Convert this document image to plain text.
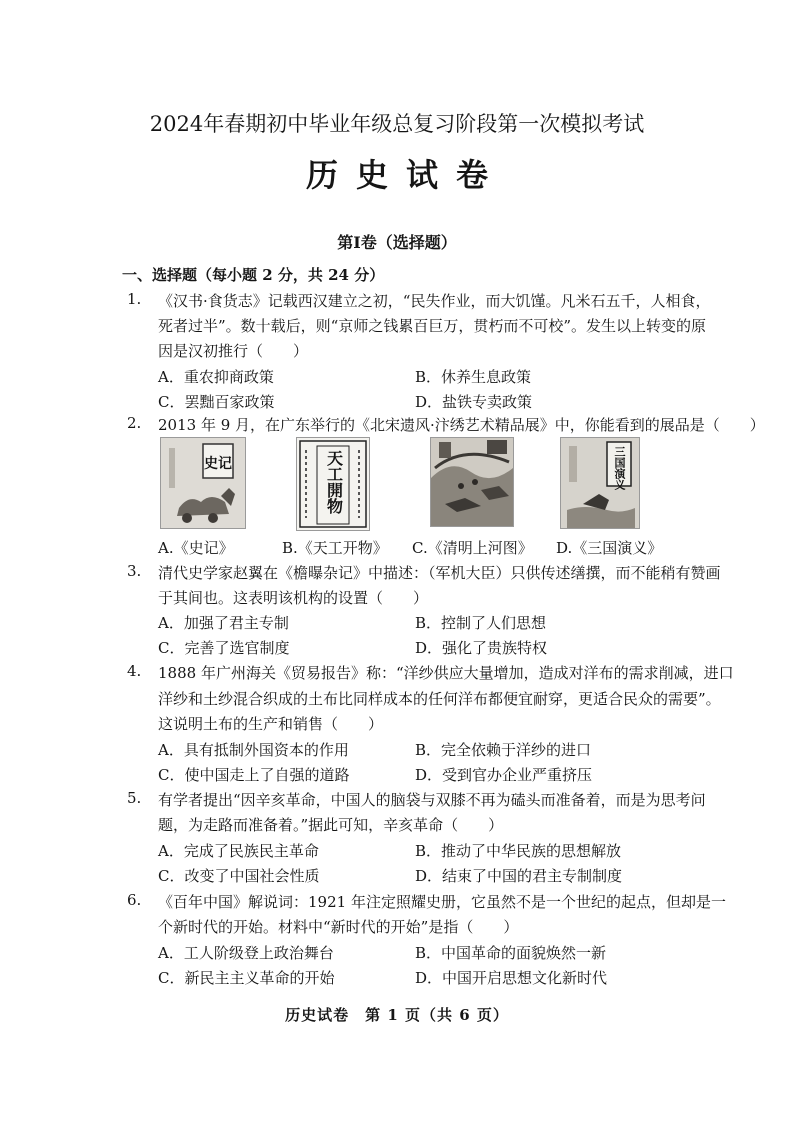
2024年春期初中毕业年级总复习阶段第一次模拟考试
历史试卷
第Ⅰ卷（选择题）
一、选择题（每小题 2 分，共 24 分）
1. 《汉书·食货志》记载西汉建立之初，“民失作业，而大饥馑。凡米石五千，人相食，
死者过半”。数十载后，则“京师之钱累百巨万，贯朽而不可校”。发生以上转变的原
因是汉初推行（　　）
A．重农抑商政策	B．休养生息政策
C．罢黜百家政策	D．盐铁专卖政策
2. 2013 年 9 月，在广东举行的《北宋遗风·汴绣艺术精品展》中，你能看到的展品是（　　）
史记	天工開物	三国演义
A.《史记》	B.《天工开物》 C.《清明上河图》 D.《三国演义》
3. 清代史学家赵翼在《檐曝杂记》中描述：（军机大臣）只供传述缮撰，而不能稍有赞画
于其间也。这表明该机构的设置（　　）
A．加强了君主专制	B．控制了人们思想
C．完善了选官制度	D．强化了贵族特权
4. 1888 年广州海关《贸易报告》称：“洋纱供应大量增加，造成对洋布的需求削减，进口
洋纱和土纱混合织成的土布比同样成本的任何洋布都便宜耐穿，更适合民众的需要”。
这说明土布的生产和销售（　　）
A．具有抵制外国资本的作用	B．完全依赖于洋纱的进口
C．使中国走上了自强的道路	D．受到官办企业严重挤压
5. 有学者提出“因辛亥革命，中国人的脑袋与双膝不再为磕头而准备着，而是为思考问
题，为走路而准备着。”据此可知，辛亥革命（　　）
A．完成了民族民主革命	B．推动了中华民族的思想解放
C．改变了中国社会性质	D．结束了中国的君主专制制度
6. 《百年中国》解说词：1921 年注定照耀史册，它虽然不是一个世纪的起点，但却是一
个新时代的开始。材料中“新时代的开始”是指（　　）
A．工人阶级登上政治舞台	B．中国革命的面貌焕然一新
C．新民主主义革命的开始	D．中国开启思想文化新时代
历史试卷　第 1 页（共 6 页）
